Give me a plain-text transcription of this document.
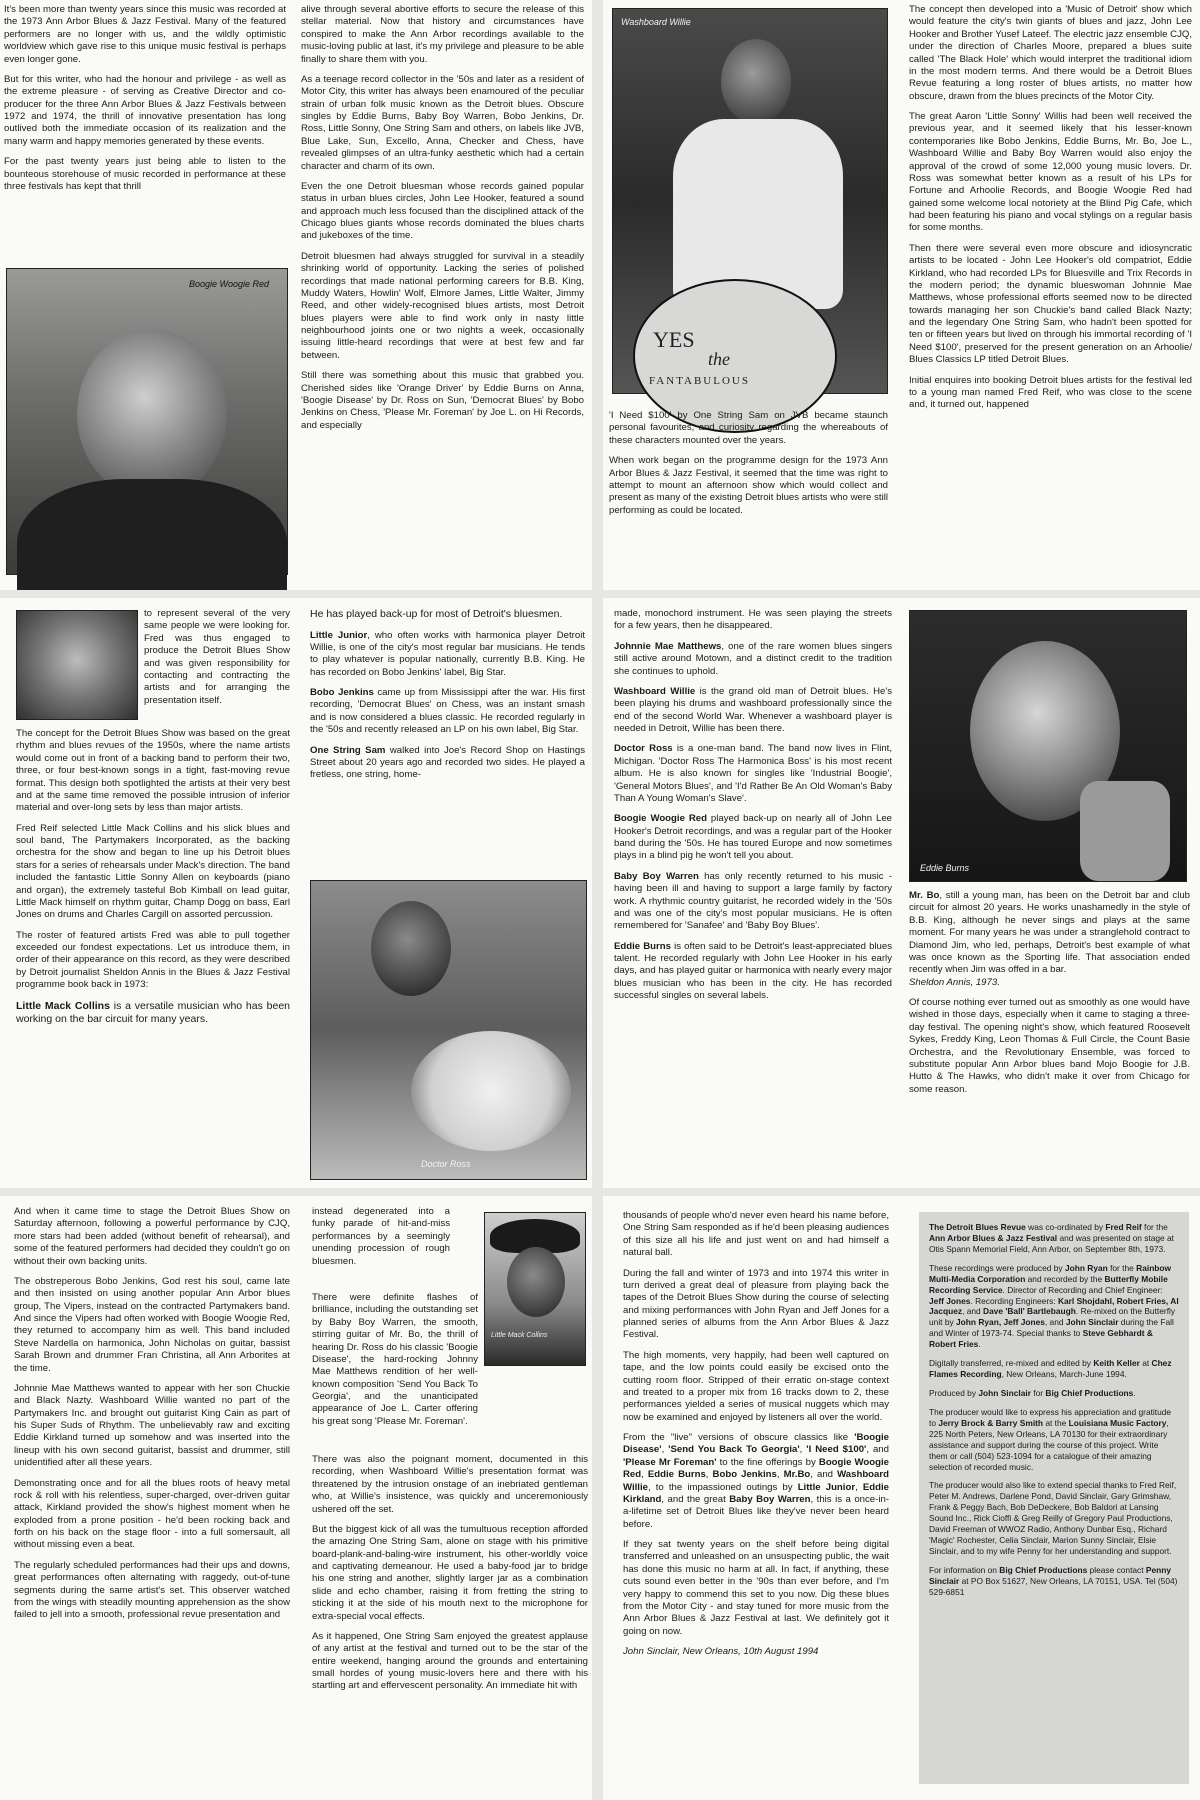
It's been more than twenty years since this music was recorded at the 1973 Ann Arbor Blues & Jazz Festival. Many of the featured performers are no longer with us, and the wildly optimistic worldview which gave rise to this unique music festival is perhaps even longer gone.

But for this writer, who had the honour and privilege - as well as the extreme pleasure - of serving as Creative Director and co-producer for the three Ann Arbor Blues & Jazz Festivals between 1972 and 1974, the thrill of innovative presentation has long outlived both the immediate occasion of its realization and the many warm and happy memories generated by these events.

For the past twenty years just being able to listen to the bounteous storehouse of music recorded in performance at these three festivals has kept that thrill

Boogie Woogie Red

alive through several abortive efforts to secure the release of this stellar material. Now that history and circumstances have conspired to make the Ann Arbor recordings available to the music-loving public at last, it's my privilege and pleasure to be able finally to share them with you.

As a teenage record collector in the '50s and later as a resident of Motor City, this writer has always been enamoured of the peculiar strain of urban folk music known as the Detroit blues. Obscure singles by Eddie Burns, Baby Boy Warren, Bobo Jenkins, Dr. Ross, Little Sonny, One String Sam and others, on labels like JVB, Blue Lake, Sun, Excello, Anna, Checker and Chess, have revealed glimpses of an ultra-funky aesthetic which had a certain character and charm of its own.

Even the one Detroit bluesman whose records gained popular status in urban blues circles, John Lee Hooker, featured a sound and approach much less focused than the disciplined attack of the Chicago blues giants whose records dominated the blues charts and jukeboxes of the time.

Detroit bluesmen had always struggled for survival in a steadily shrinking world of opportunity. Lacking the series of polished recordings that made national performing careers for B.B. King, Muddy Waters, Howlin' Wolf, Elmore James, Little Walter, Jimmy Reed, and other widely-recognised blues artists, most Detroit blues players were able to find work only in nasty little neighbourhood joints one or two nights a week, occasionally issuing little-heard recordings that were at best few and far between.

Still there was something about this music that grabbed you. Cherished sides like 'Orange Driver' by Eddie Burns on Anna, 'Boogie Disease' by Dr. Ross on Sun, 'Democrat Blues' by Bobo Jenkins on Chess, 'Please Mr. Foreman' by Joe L. on Hi Records, and especially

Washboard Willie
YES
the
FANTABULOUS

'I Need $100' by One String Sam on JVB became staunch personal favourites, and curiosity regarding the whereabouts of these characters mounted over the years.

When work began on the programme design for the 1973 Ann Arbor Blues & Jazz Festival, it seemed that the time was right to attempt to mount an afternoon show which would collect and present as many of the existing Detroit blues artists who were still performing as could be located.

The concept then developed into a 'Music of Detroit' show which would feature the city's twin giants of blues and jazz, John Lee Hooker and Brother Yusef Lateef. The electric jazz ensemble CJQ, under the direction of Charles Moore, prepared a blues suite called 'The Black Hole' which would interpret the traditional idiom in the most modern terms. And there would be a Detroit Blues Revue featuring a long roster of blues artists, no matter how obscure, drawn from the blues precincts of the Motor City.

The great Aaron 'Little Sonny' Willis had been well received the previous year, and it seemed likely that his lesser-known contemporaries like Bobo Jenkins, Eddie Burns, Mr. Bo, Joe L., Washboard Willie and Baby Boy Warren would also enjoy the approval of the crowd of some 12,000 young music lovers. Dr. Ross was somewhat better known as a result of his LPs for Fortune and Arhoolie Records, and Boogie Woogie Red had gained some welcome local notoriety at the Blind Pig Cafe, which had been featuring his piano and vocal stylings on a regular basis for some months.

Then there were several even more obscure and idiosyncratic artists to be located - John Lee Hooker's old compatriot, Eddie Kirkland, who had recorded LPs for Bluesville and Trix Records in the modern period; the dynamic blueswoman Johnnie Mae Matthews, whose professional efforts seemed now to be directed towards managing her son Chuckie's band called Black Nazty; and the legendary One String Sam, who hadn't been spotted for ten or fifteen years but lived on through his immortal recording of 'I Need $100', preserved for the present generation on an Arhoolie/ Blues Classics LP titled Detroit Blues.

Initial enquires into booking Detroit blues artists for the festival led to a young man named Fred Reif, who was close to the scene and, it turned out, happened

to represent several of the very same people we were looking for. Fred was thus engaged to produce the Detroit Blues Show and was given responsibility for contacting and contracting the artists and for arranging the presentation itself.

The concept for the Detroit Blues Show was based on the great rhythm and blues revues of the 1950s, where the name artists would come out in front of a backing band to perform their two, three, or four best-known songs in a tight, fast-moving revue format. This design both spotlighted the artists at their very best and at the same time removed the possible intrusion of inferior material and over-long sets by less than major artists.

Fred Reif selected Little Mack Collins and his slick blues and soul band, The Partymakers Incorporated, as the backing orchestra for the show and began to line up his Detroit blues stars for a series of rehearsals under Mack's direction. The band included the fantastic Little Sonny Allen on keyboards (piano and organ), the extremely tasteful Bob Kimball on lead guitar, Little Mack himself on rhythm guitar, Champ Dogg on bass, Earl Jones on drums and Charles Cargill on assorted percussion.

The roster of featured artists Fred was able to pull together exceeded our fondest expectations. Let us introduce them, in order of their appearance on this record, as they were described by Detroit journalist Sheldon Annis in the Blues & Jazz Festival programme book back in 1973:

Little Mack Collins is a versatile musician who has been working on the bar circuit for many years.

He has played back-up for most of Detroit's bluesmen.

Little Junior, who often works with harmonica player Detroit Willie, is one of the city's most regular bar musicians. He tends to play whatever is popular nationally, currently B.B. King. He has recorded on Bobo Jenkins' label, Big Star.

Bobo Jenkins came up from Mississippi after the war. His first recording, 'Democrat Blues' on Chess, was an instant smash and is now considered a blues classic. He recorded regularly in the '50s and recently released an LP on his own label, Big Star.

One String Sam walked into Joe's Record Shop on Hastings Street about 20 years ago and recorded two sides. He played a fretless, one string, home-

Doctor Ross

made, monochord instrument. He was seen playing the streets for a few years, then he disappeared.

Johnnie Mae Matthews, one of the rare women blues singers still active around Motown, and a distinct credit to the tradition she continues to uphold.

Washboard Willie is the grand old man of Detroit blues. He's been playing his drums and washboard professionally since the end of the second World War. Whenever a washboard player is needed in Detroit, Willie has been there.

Doctor Ross is a one-man band. The band now lives in Flint, Michigan. 'Doctor Ross The Harmonica Boss' is his most recent album. He is also known for singles like 'Industrial Boogie', 'General Motors Blues', and 'I'd Rather Be An Old Woman's Baby Than A Young Woman's Slave'.

Boogie Woogie Red played back-up on nearly all of John Lee Hooker's Detroit recordings, and was a regular part of the Hooker band during the '50s. He has toured Europe and now sometimes plays in a blind pig he won't tell you about.

Baby Boy Warren has only recently returned to his music - having been ill and having to support a large family by factory work. A rhythmic country guitarist, he recorded widely in the '50s and was one of the city's most popular musicians. He is often remembered for 'Sanafee' and 'Baby Boy Blues'.

Eddie Burns is often said to be Detroit's least-appreciated blues talent. He recorded regularly with John Lee Hooker in his early days, and has played guitar or harmonica with nearly every major blues musician who has been in the city. He has recorded successful singles on several labels.

Eddie Burns

Mr. Bo, still a young man, has been on the Detroit bar and club circuit for almost 20 years. He works unashamedly in the style of B.B. King, although he never sings and plays at the same moment. For many years he was under a stranglehold contract to Diamond Jim, who led, perhaps, Detroit's best example of what was once known as the Sporting life. That association ended recently when Jim was offed in a bar.
Sheldon Annis, 1973.

Of course nothing ever turned out as smoothly as one would have wished in those days, especially when it came to staging a three-day festival. The opening night's show, which featured Roosevelt Sykes, Freddy King, Leon Thomas & Full Circle, the Count Basie Orchestra, and the Revolutionary Ensemble, was forced to substitute popular Ann Arbor blues band Mojo Boogie for J.B. Hutto & The Hawks, who didn't make it over from Chicago for some reason.

And when it came time to stage the Detroit Blues Show on Saturday afternoon, following a powerful performance by CJQ, more stars had been added (without benefit of rehearsal), and some of the featured performers had decided they couldn't go on without their own backing units.

The obstreperous Bobo Jenkins, God rest his soul, came late and then insisted on using another popular Ann Arbor blues group, The Vipers, instead on the contracted Partymakers band. And since the Vipers had often worked with Boogie Woogie Red, they returned to accompany him as well. This band included Steve Nardella on harmonica, John Nicholas on guitar, bassist Sarah Brown and drummer Fran Christina, all Ann Arborites at the time.

Johnnie Mae Matthews wanted to appear with her son Chuckie and Black Nazty. Washboard Willie wanted no part of the Partymakers Inc. and brought out guitarist King Cain as part of his Super Suds of Rhythm. The unbelievably raw and exciting Eddie Kirkland turned up somehow and was inserted into the lineup with his own second guitarist, bassist and drummer, still unidentified after all these years.

Demonstrating once and for all the blues roots of heavy metal rock & roll with his relentless, super-charged, over-driven guitar attack, Kirkland provided the show's highest moment when he exploded from a prone position - he'd been rocking back and forth on his back on the stage floor - into a full somersault, all without missing even a beat.

The regularly scheduled performances had their ups and downs, great performances often alternating with raggedy, out-of-tune segments during the same artist's set. This observer watched from the wings with steadily mounting apprehension as the show failed to jell into a smooth, professional revue presentation and

instead degenerated into a funky parade of hit-and-miss performances by a seemingly unending procession of rough bluesmen.

Little Mack Collins

There were definite flashes of brilliance, including the outstanding set by Baby Boy Warren, the smooth, stirring guitar of Mr. Bo, the thrill of hearing Dr. Ross do his classic 'Boogie Disease', the hard-rocking Johnny Mae Matthews rendition of her well-known composition 'Send You Back To Georgia', and the unanticipated appearance of Joe L. Carter offering his great song 'Please Mr. Foreman'.

There was also the poignant moment, documented in this recording, when Washboard Willie's presentation format was threatened by the intrusion onstage of an inebriated gentleman who, at Willie's insistence, was quickly and unceremoniously ushered off the set.

But the biggest kick of all was the tumultuous reception afforded the amazing One String Sam, alone on stage with his primitive board-plank-and-baling-wire instrument, his other-worldly voice and captivating demeanour. He used a baby-food jar to bridge his one string and another, slightly larger jar as a combination slide and echo chamber, raising it from fretting the string to sticking it at the side of his mouth next to the microphone for extra-special vocal effects.

As it happened, One String Sam enjoyed the greatest applause of any artist at the festival and turned out to be the star of the entire weekend, hanging around the grounds and entertaining small hordes of young music-lovers here and there with his startling art and effervescent personality. An immediate hit with

thousands of people who'd never even heard his name before, One String Sam responded as if he'd been pleasing audiences of this size all his life and just went on and had himself a natural ball.

During the fall and winter of 1973 and into 1974 this writer in turn derived a great deal of pleasure from playing back the tapes of the Detroit Blues Show during the course of selecting and mixing performances with John Ryan and Jeff Jones for a planned series of albums from the Ann Arbor Blues & Jazz Festival.

The high moments, very happily, had been well captured on tape, and the low points could easily be excised onto the cutting room floor. Stripped of their erratic on-stage context and treated to a proper mix from 16 tracks down to 2, these performances yielded a series of musical nuggets which may now be examined and enjoyed by listeners all over the world.

From the "live" versions of obscure classics like 'Boogie Disease', 'Send You Back To Georgia', 'I Need $100', and 'Please Mr Foreman' to the fine offerings by Boogie Woogie Red, Eddie Burns, Bobo Jenkins, Mr.Bo, and Washboard Willie, to the impassioned outings by Little Junior, Eddie Kirkland, and the great Baby Boy Warren, this is a once-in-a-lifetime set of Detroit Blues like they've never been heard before.

If they sat twenty years on the shelf before being digital transferred and unleashed on an unsuspecting public, the wait has done this music no harm at all. In fact, if anything, these cuts sound even better in the '90s than ever before, and I'm very happy to commend this set to you now. Dig these blues from the Motor City - and stay tuned for more music from the Ann Arbor Blues & Jazz Festival at last. We definitely got it going on now.

John Sinclair, New Orleans, 10th August 1994

The Detroit Blues Revue was co-ordinated by Fred Reif for the Ann Arbor Blues & Jazz Festival and was presented on stage at Otis Spann Memorial Field, Ann Arbor, on September 8th, 1973.

These recordings were produced by John Ryan for the Rainbow Multi-Media Corporation and recorded by the Butterfly Mobile Recording Service. Director of Recording and Chief Engineer: Jeff Jones. Recording Engineers: Karl Shojdahl, Robert Fries, Al Jacquez, and Dave 'Ball' Bartlebaugh. Re-mixed on the Butterfly unit by John Ryan, Jeff Jones, and John Sinclair during the Fall and Winter of 1973-74. Special thanks to Steve Gebhardt & Robert Fries.

Digitally transferred, re-mixed and edited by Keith Keller at Chez Flames Recording, New Orleans, March-June 1994.

Produced by John Sinclair for Big Chief Productions.

The producer would like to express his appreciation and gratitude to Jerry Brock & Barry Smith at the Louisiana Music Factory, 225 North Peters, New Orleans, LA 70130 for their extraordinary assistance and support during the course of this project. Write them or call (504) 523-1094 for a catalogue of their amazing selection of recorded music.

The producer would also like to extend special thanks to Fred Reif, Peter M. Andrews, Darlene Pond, David Sinclair, Gary Grimshaw, Frank & Peggy Bach, Bob DeDeckere, Bob Baldori at Lansing Sound Inc., Rick Cioffi & Greg Reilly of Gregory Paul Productions, David Freeman of WWOZ Radio, Anthony Dunbar Esq., Richard 'Magic' Rochester, Celia Sinclair, Marion Sunny Sinclair, Elsie Sinclair, and to my wife Penny for her understanding and support.

For information on Big Chief Productions please contact Penny Sinclair at PO Box 51627, New Orleans, LA 70151, USA. Tel (504) 529-6851
